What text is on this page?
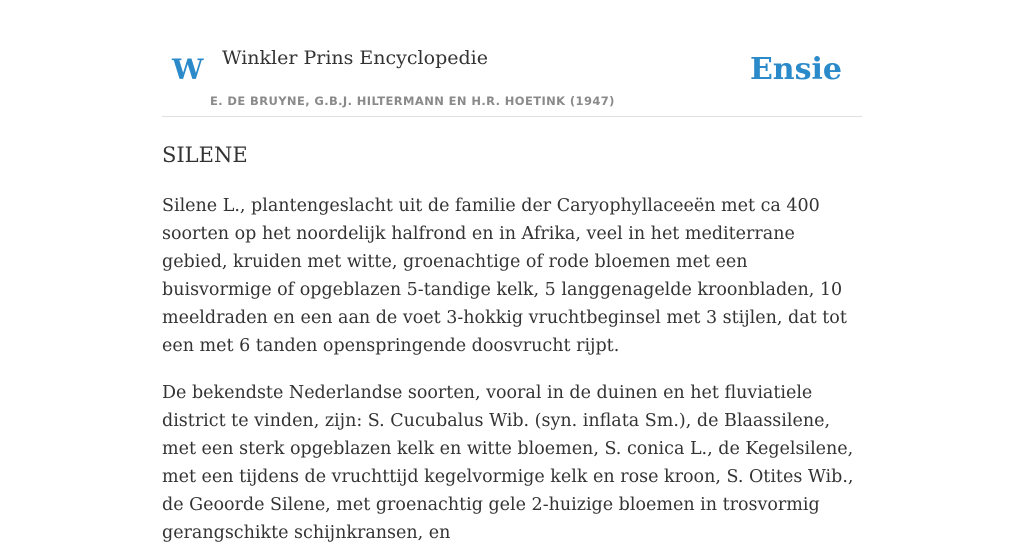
W Winkler Prins Encyclopedie
E. DE BRUYNE, G.B.J. HILTERMANN EN H.R. HOETINK (1947)
Ensie
SILENE

Silene L., plantengeslacht uit de familie der Caryophyllaceeën met ca 400 soorten op het noordelijk halfrond en in Afrika, veel in het mediterrane gebied, kruiden met witte, groenachtige of rode bloemen met een buisvormige of opgeblazen 5-tandige kelk, 5 langgenagelde kroonbladen, 10 meeldraden en een aan de voet 3-hokkig vruchtbeginsel met 3 stijlen, dat tot een met 6 tanden openspringende doosvrucht rijpt.

De bekendste Nederlandse soorten, vooral in de duinen en het fluviatiele district te vinden, zijn: S. Cucubalus Wib. (syn. inflata Sm.), de Blaassilene, met een sterk opgeblazen kelk en witte bloemen, S. conica L., de Kegelsilene, met een tijdens de vruchttijd kegelvormige kelk en rose kroon, S. Otites Wib., de Geoorde Silene, met groenachtig gele 2-huizige bloemen in trosvormig gerangschikte schijnkransen, en
